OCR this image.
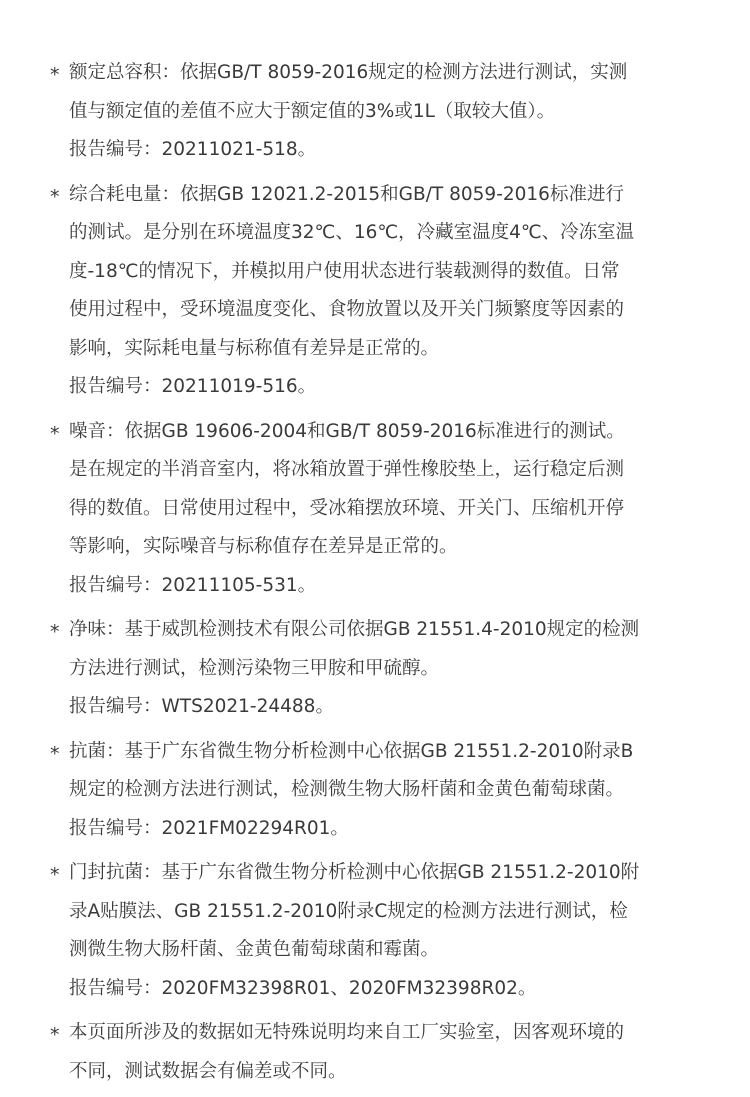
* 额定总容积：依据GB/T 8059-2016规定的检测方法进行测试，实测
值与额定值的差值不应大于额定值的3%或1L（取较大值）。
报告编号：20211021-518。
* 综合耗电量：依据GB 12021.2-2015和GB/T 8059-2016标准进行
的测试。是分别在环境温度32℃、16℃，冷藏室温度4℃、冷冻室温
度-18℃的情况下，并模拟用户使用状态进行装载测得的数值。日常
使用过程中，受环境温度变化、食物放置以及开关门频繁度等因素的
影响，实际耗电量与标称值有差异是正常的。
报告编号：20211019-516。
* 噪音：依据GB 19606-2004和GB/T 8059-2016标准进行的测试。
是在规定的半消音室内，将冰箱放置于弹性橡胶垫上，运行稳定后测
得的数值。日常使用过程中，受冰箱摆放环境、开关门、压缩机开停
等影响，实际噪音与标称值存在差异是正常的。
报告编号：20211105-531。
* 净味：基于威凯检测技术有限公司依据GB 21551.4-2010规定的检测
方法进行测试，检测污染物三甲胺和甲硫醇。
报告编号：WTS2021-24488。
* 抗菌：基于广东省微生物分析检测中心依据GB 21551.2-2010附录B
规定的检测方法进行测试，检测微生物大肠杆菌和金黄色葡萄球菌。
报告编号：2021FM02294R01。
* 门封抗菌：基于广东省微生物分析检测中心依据GB 21551.2-2010附
录A贴膜法、GB 21551.2-2010附录C规定的检测方法进行测试，检
测微生物大肠杆菌、金黄色葡萄球菌和霉菌。
报告编号：2020FM32398R01、2020FM32398R02。
* 本页面所涉及的数据如无特殊说明均来自工厂实验室，因客观环境的
不同，测试数据会有偏差或不同。
